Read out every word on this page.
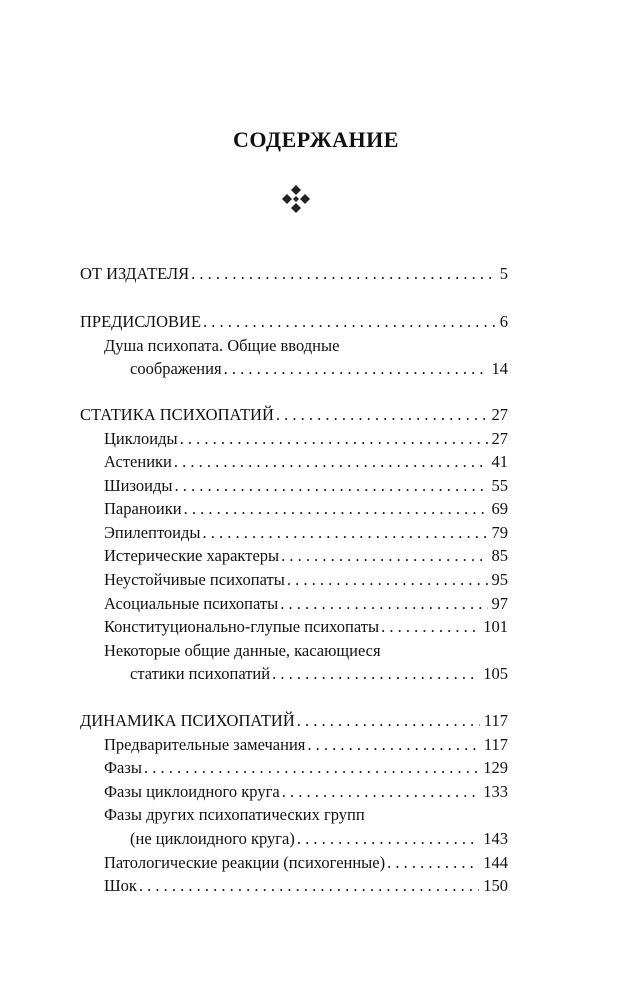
СОДЕРЖАНИЕ
ОТ ИЗДАТЕЛЯ . . .	5
ПРЕДИСЛОВИЕ . . .	6
Душа психопата. Общие вводные
соображения . . .	14
СТАТИКА ПСИХОПАТИЙ . . .	27
Циклоиды . . .	27
Астеники . . .	41
Шизоиды . . .	55
Параноики . . .	69
Эпилептоиды . . .	79
Истерические характеры . . .	85
Неустойчивые психопаты . . .	95
Асоциальные психопаты . . .	97
Конституционально-глупые психопаты . . .	101
Некоторые общие данные, касающиеся
статики психопатий . . .	105
ДИНАМИКА ПСИХОПАТИЙ . . .	117
Предварительные замечания . . .	117
Фазы . . .	129
Фазы циклоидного круга . . .	133
Фазы других психопатических групп
(не циклоидного круга) . . .	143
Патологические реакции (психогенные) . . .	144
Шок . . .	150
